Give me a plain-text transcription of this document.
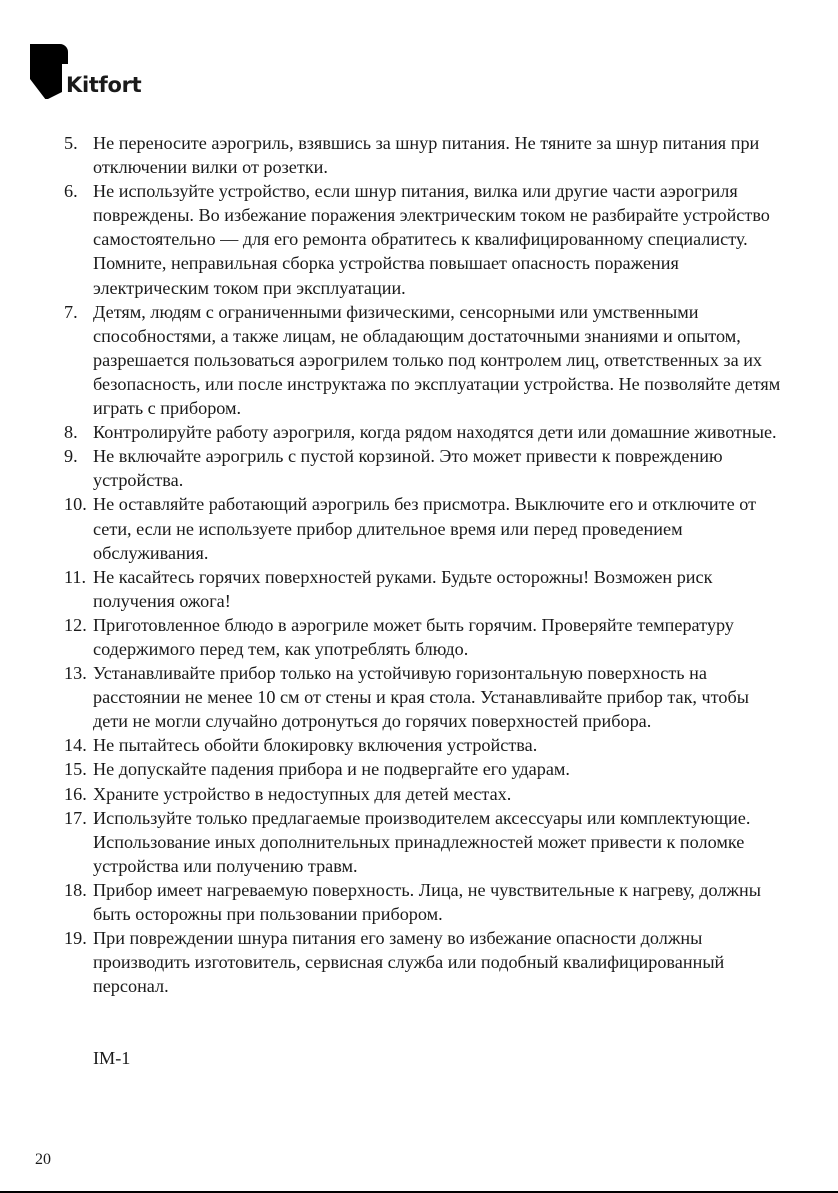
Kitfort
5. Не переносите аэрогриль, взявшись за шнур питания. Не тяните за шнур питания при отключении вилки от розетки.
6. Не используйте устройство, если шнур питания, вилка или другие части аэрогриля повреждены. Во избежание поражения электрическим током не разбирайте устройство самостоятельно — для его ремонта обратитесь к квалифицированному специалисту. Помните, неправильная сборка устройства повышает опасность поражения электрическим током при эксплуатации.
7. Детям, людям с ограниченными физическими, сенсорными или умственными способностями, а также лицам, не обладающим достаточными знаниями и опытом, разрешается пользоваться аэрогрилем только под контролем лиц, ответственных за их безопасность, или после инструктажа по эксплуатации устройства. Не позволяйте детям играть с прибором.
8. Контролируйте работу аэрогриля, когда рядом находятся дети или домашние животные.
9. Не включайте аэрогриль с пустой корзиной. Это может привести к повреждению устройства.
10. Не оставляйте работающий аэрогриль без присмотра. Выключите его и отключите от сети, если не используете прибор длительное время или перед проведением обслуживания.
11. Не касайтесь горячих поверхностей руками. Будьте осторожны! Возможен риск получения ожога!
12. Приготовленное блюдо в аэрогриле может быть горячим. Проверяйте температуру содержимого перед тем, как употреблять блюдо.
13. Устанавливайте прибор только на устойчивую горизонтальную поверхность на расстоянии не менее 10 см от стены и края стола. Устанавливайте прибор так, чтобы дети не могли случайно дотронуться до горячих поверхностей прибора.
14. Не пытайтесь обойти блокировку включения устройства.
15. Не допускайте падения прибора и не подвергайте его ударам.
16. Храните устройство в недоступных для детей местах.
17. Используйте только предлагаемые производителем аксессуары или комплектующие. Использование иных дополнительных принадлежностей может привести к поломке устройства или получению травм.
18. Прибор имеет нагреваемую поверхность. Лица, не чувствительные к нагреву, должны быть осторожны при пользовании прибором.
19. При повреждении шнура питания его замену во избежание опасности должны производить изготовитель, сервисная служба или подобный квалифицированный персонал.
IM-1
20
